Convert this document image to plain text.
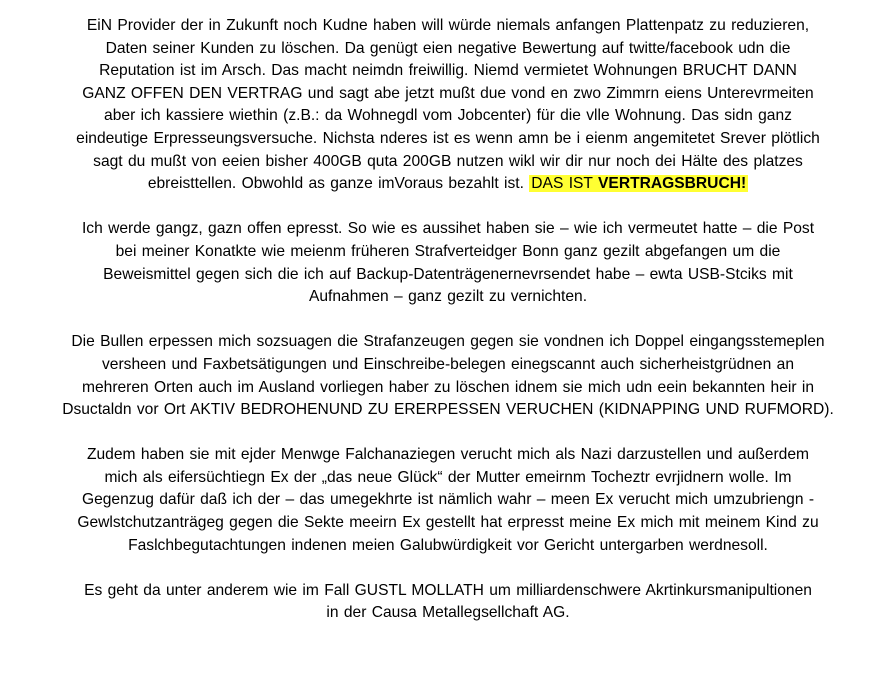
EiN Provider der in Zukunft noch Kudne haben will würde niemals anfangen Plattenpatz zu reduzieren,
Daten seiner Kunden zu löschen. Da genügt eien negative Bewertung auf twitte/facebook udn die
Reputation ist im Arsch. Das macht neimdn freiwillig. Niemd vermietet Wohnungen BRUCHT DANN
GANZ OFFEN DEN VERTRAG und sagt abe jetzt mußt due vond en zwo Zimmrn eiens Unterevrmeiten
aber ich kassiere wiethin (z.B.: da Wohnegdl vom Jobcenter) für die vlle Wohnung. Das sidn ganz
eindeutige Erpresseungsversuche. Nichsta nderes ist es wenn amn be i eienm angemitetet Srever plötlich
sagt du mußt von eeien bisher 400GB quta 200GB nutzen wikl wir dir nur noch dei Hälte des platzes
ebreisttellen. Obwohld as ganze imVoraus bezahlt ist. DAS IST VERTRAGSBRUCH!
Ich werde gangz, gazn offen epresst. So wie es aussihet haben sie – wie ich vermeutet hatte – die Post
bei meiner Konatkte wie meienm früheren Strafverteidger Bonn ganz gezilt abgefangen um die
Beweismittel gegen sich die ich auf Backup-Datenträgenernevrsendet habe – ewta USB-Stciks mit
Aufnahmen – ganz gezilt zu vernichten.
Die Bullen erpessen mich sozsuagen die Strafanzeugen gegen sie vondnen ich Doppel eingangsstemeplen
versheen und Faxbetsätigungen und Einschreibe-belegen einegscannt auch sicherheistgrüdnen an
mehreren Orten auch im Ausland vorliegen haber zu löschen idnem sie mich udn eein bekannten heir in
Dsuctaldn vor Ort AKTIV BEDROHENUND ZU ERERPESSEN VERUCHEN (KIDNAPPING UND RUFMORD).
Zudem haben sie mit ejder Menwge Falchanaziegen verucht mich als Nazi darzustellen und außerdem
mich als eifersüchtiegn Ex der „das neue Glück“ der Mutter emeirnm Tocheztr evrjidnern wolle. Im
Gegenzug dafür daß ich der – das umegekhrte ist nämlich wahr – meen Ex verucht mich umzubriengn -
Gewlstchutzanträgeg gegen die Sekte meeirn Ex gestellt hat erpresst meine Ex mich mit meinem Kind zu
Faslchbegutachtungen indenen meien Galubwürdigkeit vor Gericht untergarben werdnesoll.
Es geht da unter anderem wie im Fall GUSTL MOLLATH um milliardenschwere Akrtinkursmanipultionen
in der Causa Metallegsellchaft AG.
